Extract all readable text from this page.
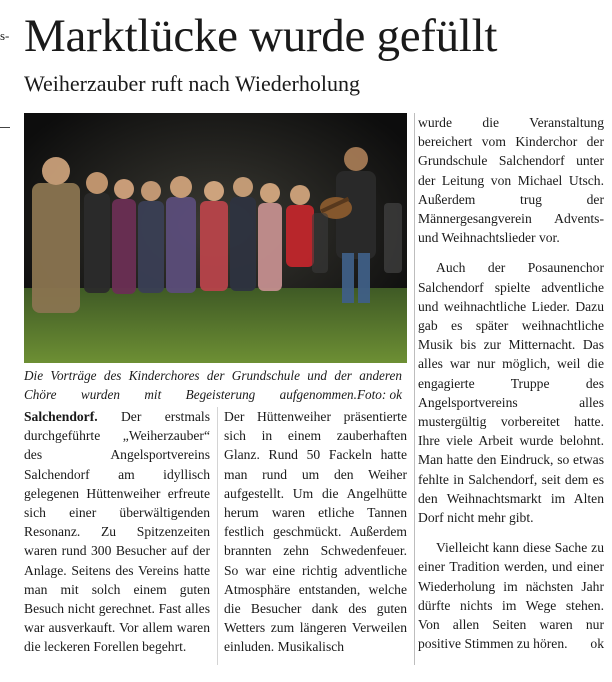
s- Marktlücke wurde gefüllt
Weiherzauber ruft nach Wiederholung
Die Vorträge des Kinderchores der Grundschule und der anderen Chöre wurden mit Begeisterung aufgenommen. Foto: ok

Salchendorf. Der erstmals durchgeführte „Weiherzauber“ des Angelsportvereins Salchendorf am idyllisch gelegenen Hüttenweiher erfreute sich einer überwältigenden Resonanz. Zu Spitzenzeiten waren rund 300 Besucher auf der Anlage. Seitens des Vereins hatte man mit solch einem guten Besuch nicht gerechnet. Fast alles war ausverkauft. Vor allem waren die leckeren Forellen begehrt.

Der Hüttenweiher präsentierte sich in einem zauberhaften Glanz. Rund 50 Fackeln hatte man rund um den Weiher aufgestellt. Um die Angelhütte herum waren etliche Tannen festlich geschmückt. Außerdem brannten zehn Schwedenfeuer. So war eine richtig adventliche Atmosphäre entstanden, welche die Besucher dank des guten Wetters zum längeren Verweilen einluden. Musikalisch

wurde die Veranstaltung bereichert vom Kinderchor der Grundschule Salchendorf unter der Leitung von Michael Utsch. Außerdem trug der Männergesangverein Advents- und Weihnachtslieder vor.

Auch der Posaunenchor Salchendorf spielte adventliche und weihnachtliche Lieder. Dazu gab es später weihnachtliche Musik bis zur Mitternacht. Das alles war nur möglich, weil die engagierte Truppe des Angelsportvereins alles mustergültig vorbereitet hatte. Ihre viele Arbeit wurde belohnt. Man hatte den Eindruck, so etwas fehlte in Salchendorf, seit dem es den Weihnachtsmarkt im Alten Dorf nicht mehr gibt.

Vielleicht kann diese Sache zu einer Tradition werden, und einer Wiederholung im nächsten Jahr dürfte nichts im Wege stehen. Von allen Seiten waren nur positive Stimmen zu hören.	ok
